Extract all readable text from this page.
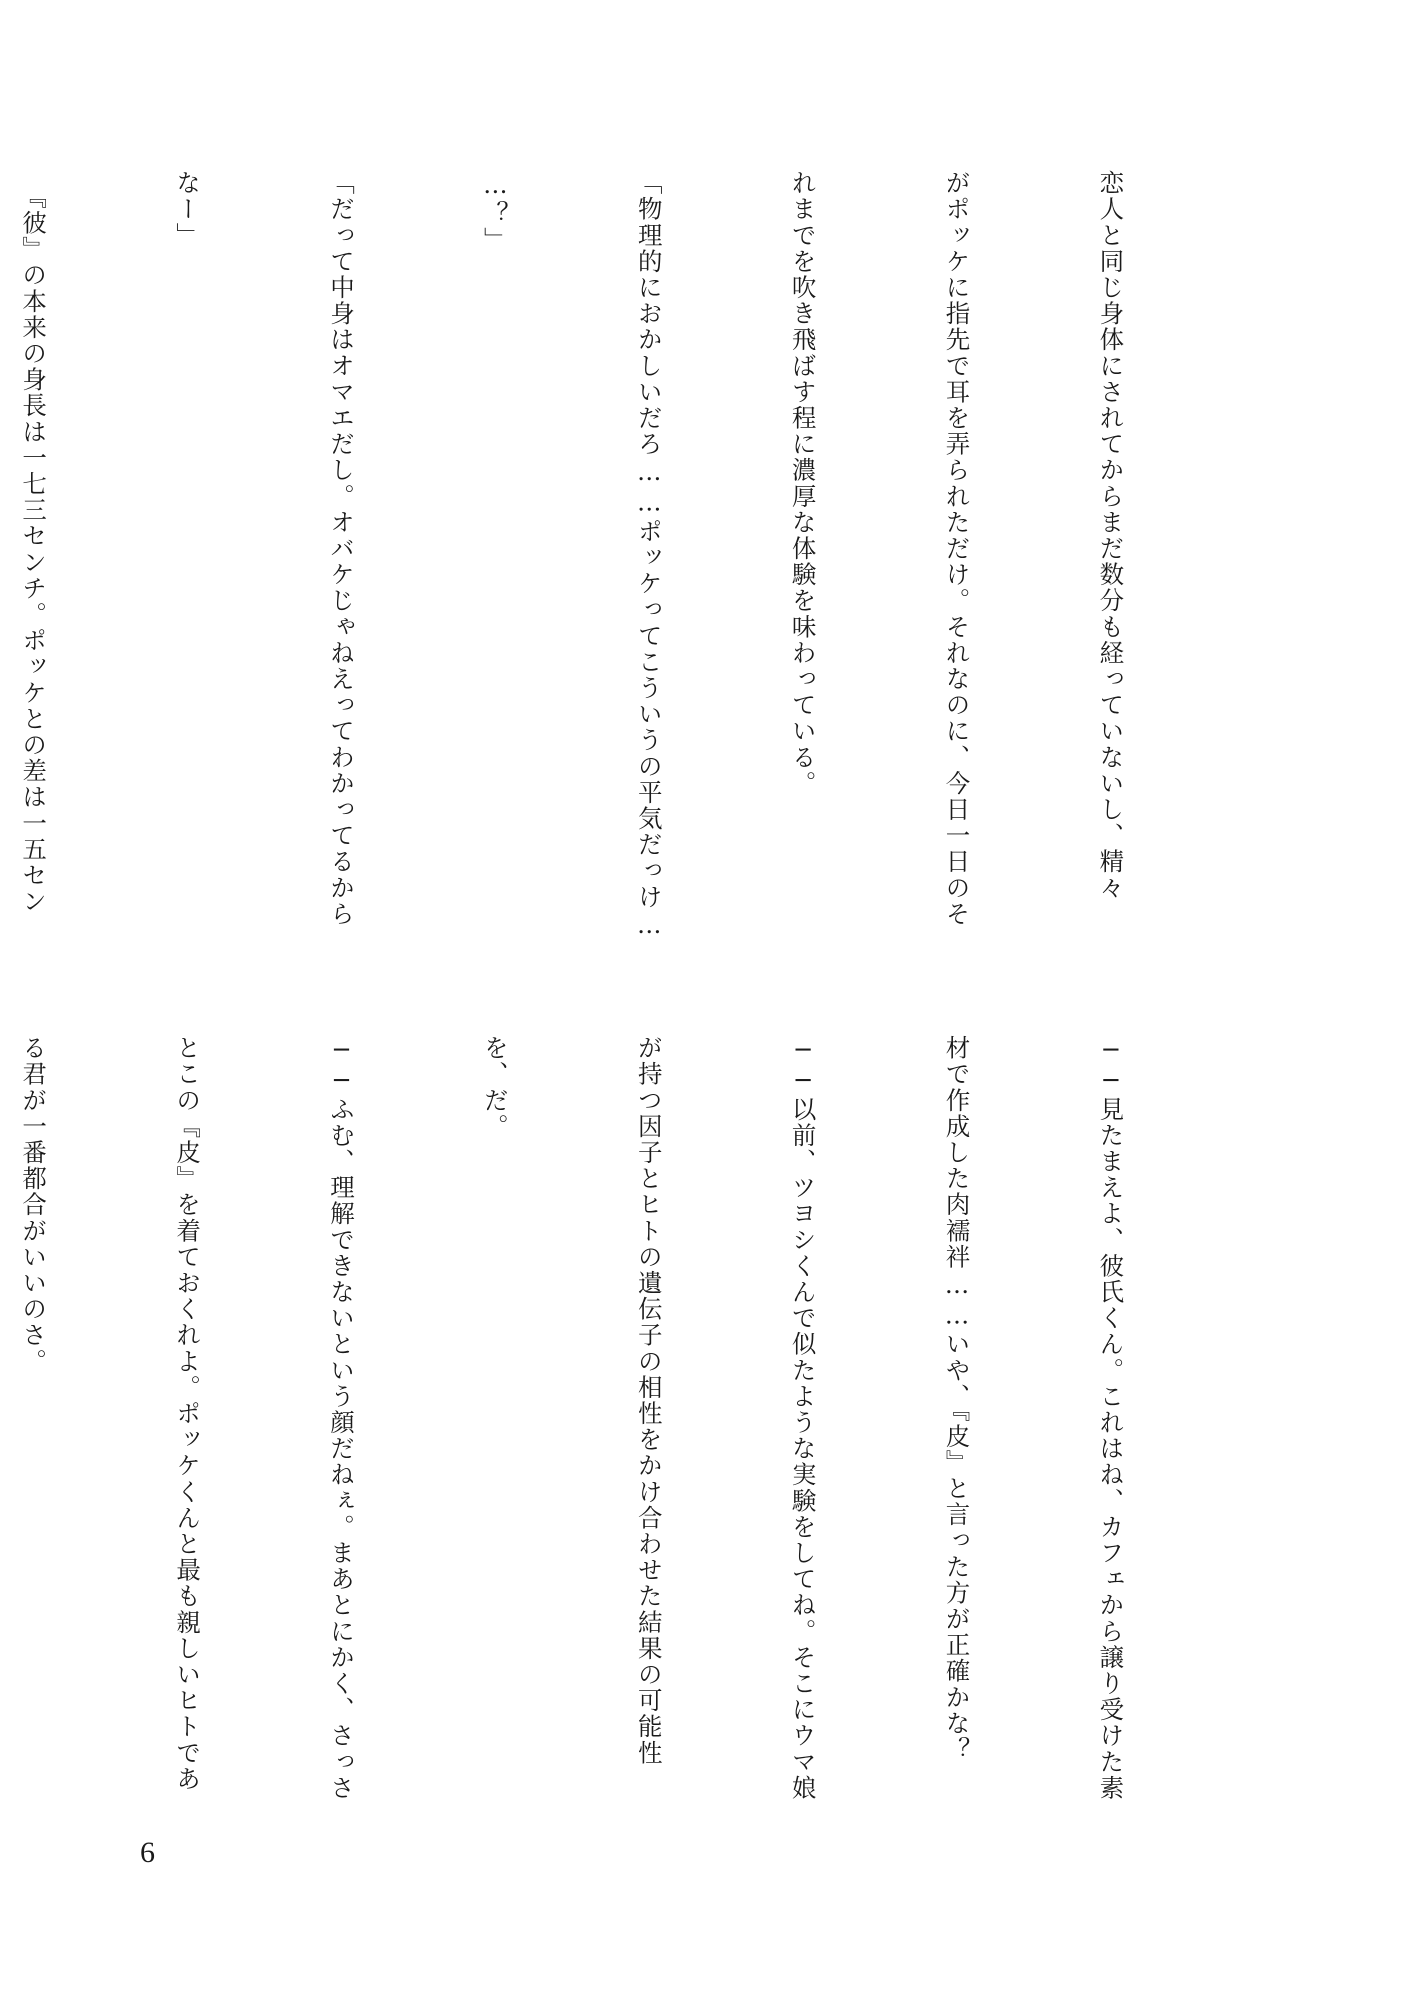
恋人と同じ身体にされてからまだ数分も経っていないし、精々

がポッケに指先で耳を弄られただけ。それなのに、今日一日のそ

れまでを吹き飛ばす程に濃厚な体験を味わっている。

「物理的におかしいだろ……ポッケってこういうの平気だっけ…

…？」

「だって中身はオマエだし。オバケじゃねえってわかってるから

なー」

　『彼』の本来の身長は一七三センチ。ポッケとの差は一五セン

──見たまえよ、彼氏くん。これはね、カフェから譲り受けた素

材で作成した肉襦袢……いや、『皮』と言った方が正確かな？

──以前、ツヨシくんで似たような実験をしてね。そこにウマ娘

が持つ因子とヒトの遺伝子の相性をかけ合わせた結果の可能性

を、だ。

──ふむ、理解できないという顔だねぇ。まあとにかく、さっさ

とこの『皮』を着ておくれよ。ポッケくんと最も親しいヒトであ

る君が一番都合がいいのさ。

6
